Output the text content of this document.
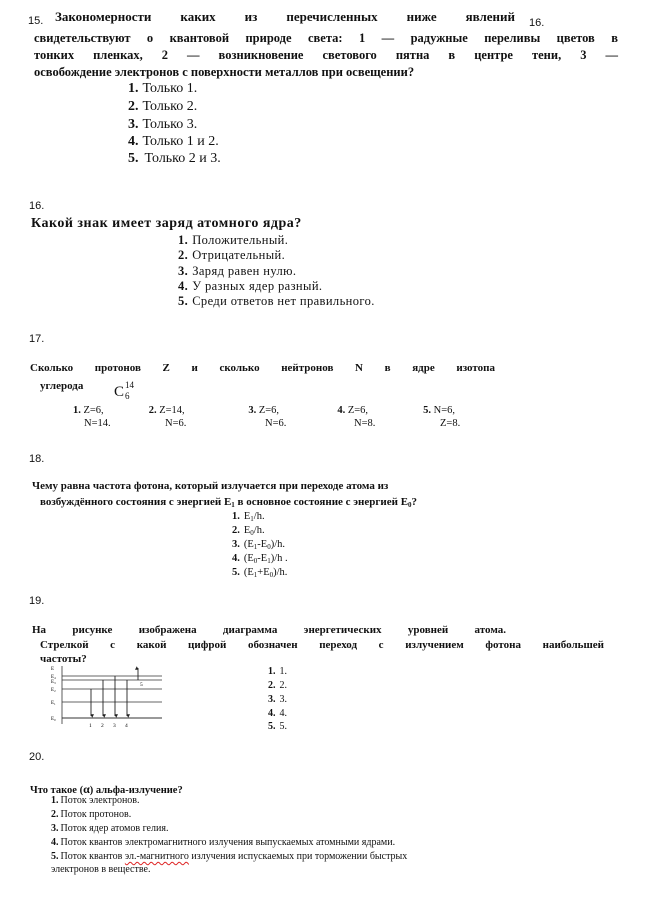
15. Закономерности каких из перечисленных ниже явлений 16.
свидетельствуют о квантовой природе света: 1 — радужные переливы цветов в
тонких пленках, 2 — возникновение светового пятна в центре тени, 3 —
освобождение электронов с поверхности металлов при освещении?
1. Только 1.
2. Только 2.
3. Только 3.
4. Только 1 и 2.
5. Только 2 и 3.
16.
Какой знак имеет заряд атомного ядра?
1. Положительный.
2. Отрицательный.
3. Заряд равен нулю.
4. У разных ядер разный.
5. Среди ответов нет правильного.
17.
Сколько протонов Z и сколько нейтронов N в ядре изотопа
углерода C 14
6
1. Z=6,
N=14.
2. Z=14,
N=6.
3. Z=6,
N=6.
4. Z=6,
N=8.
5. N=6,
Z=8.
18.
Чему равна частота фотона, который излучается при переходе атома из
возбуждённого состояния с энергией $E_1$ в основное состояние с энергией $E_0$?
1. $E_1/h$.
2. $E_0/h$.
3. $(E_1-E_0)/h$.
4. $(E_0-E_1)/h$ .
5. $(E_1+E_0)/h$.
19.
На рисунке изображена диаграмма энергетических уровней атома.
Стрелкой с какой цифрой обозначен переход с излучением фотона наибольшей
частоты?
E
E₄
E₃
E₂
E₁
E₀
1 2 3 4
5
1. 1.
2. 2.
3. 3.
4. 4.
5. 5.
20.
Что такое (α) альфа-излучение?
1. Поток электронов.
2. Поток протонов.
3. Поток ядер атомов гелия.
4. Поток квантов электромагнитного излучения выпускаемых атомными ядрами.
5. Поток квантов эл.-магнитного излучения испускаемых при торможении быстрых
электронов в веществе.
